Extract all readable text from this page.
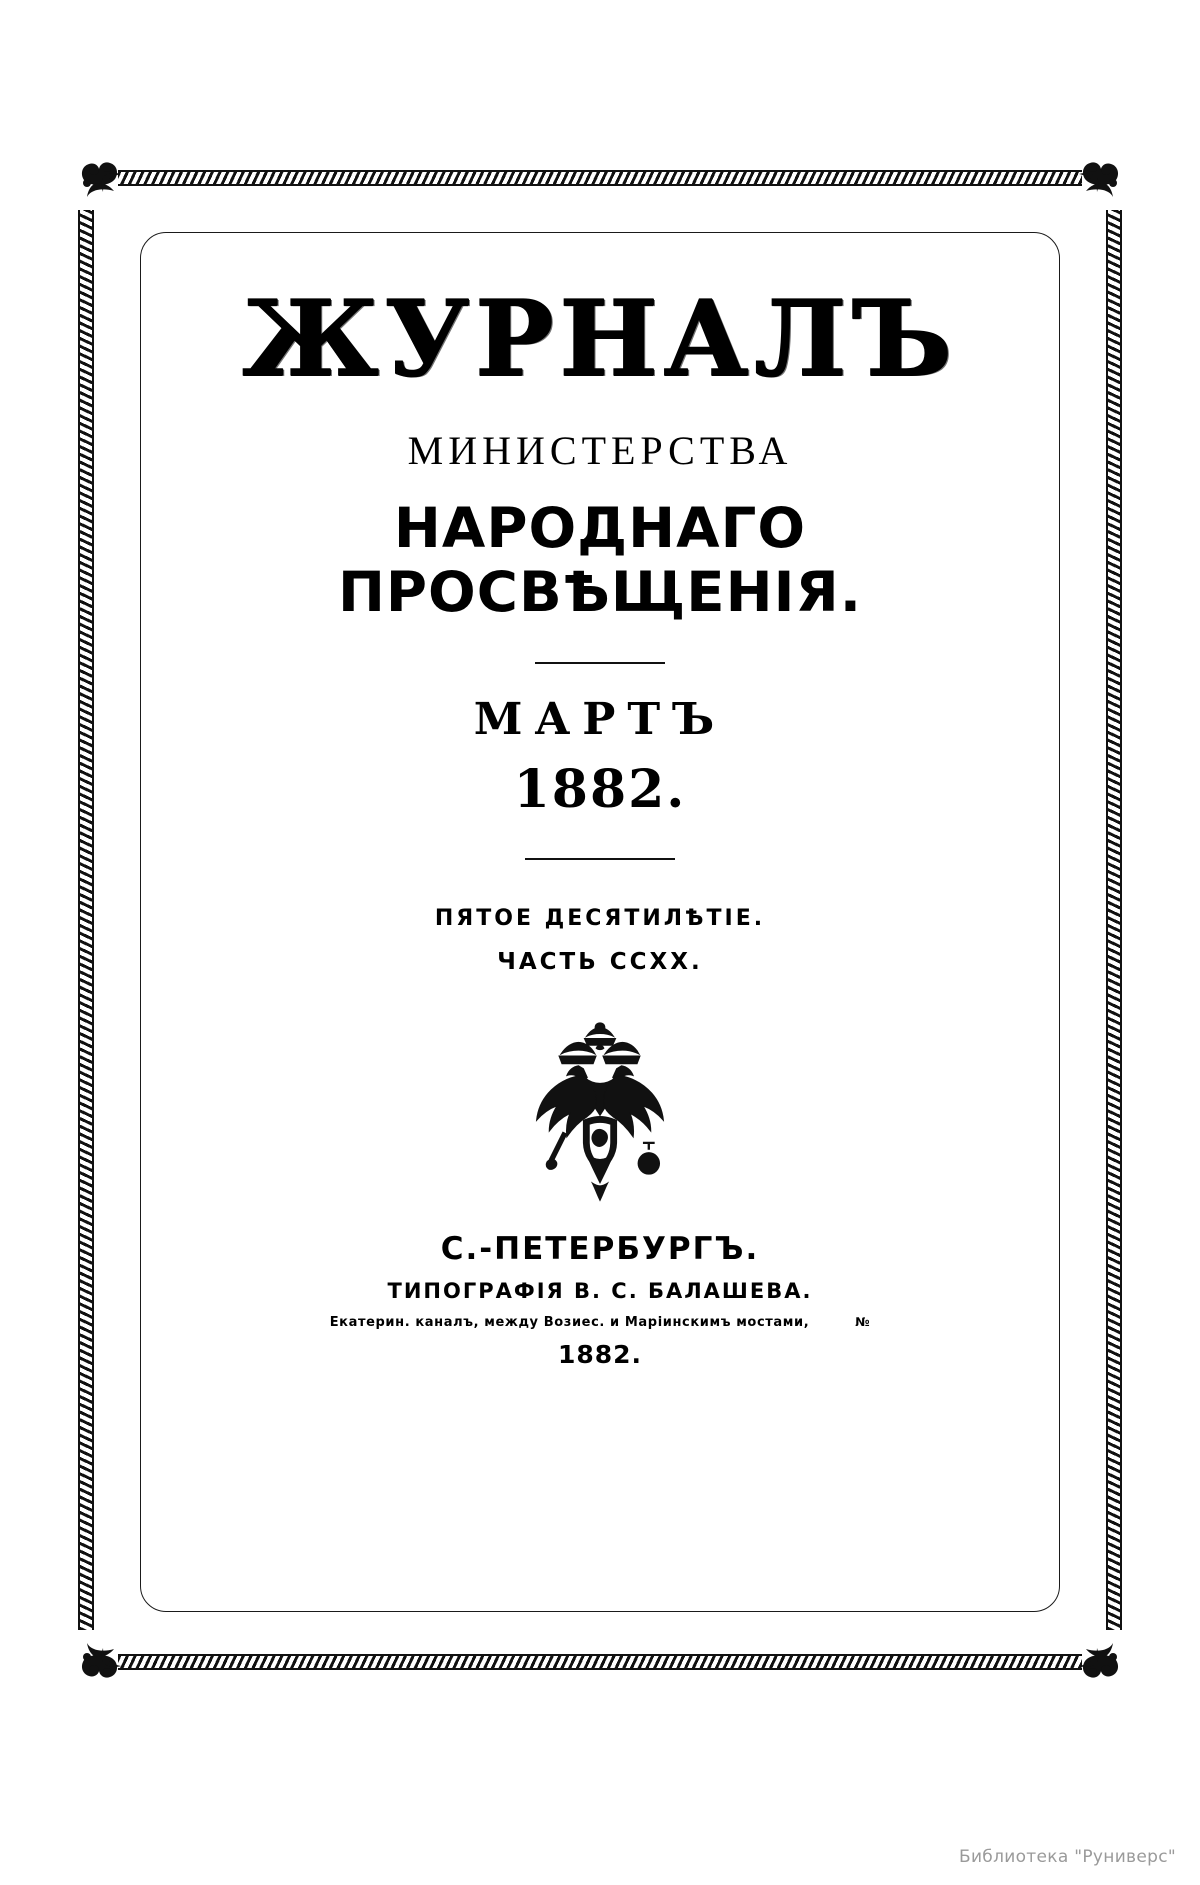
ЖУРНАЛЪ
МИНИСТЕРСТВА
НАРОДНАГО ПРОСВѢЩЕНІЯ.
МАРТЪ
1882.
ПЯТОЕ ДЕСЯТИЛѢТІЕ.
ЧАСТЬ CCXX.
С.-ПЕТЕРБУРГЪ.
ТИПОГРАФІЯ В. С. БАЛАШЕВА.
Екатерин. каналъ, между Возиес. и Марiинскимъ мостами,	№
1882.
Библиотека "Руниверс"
